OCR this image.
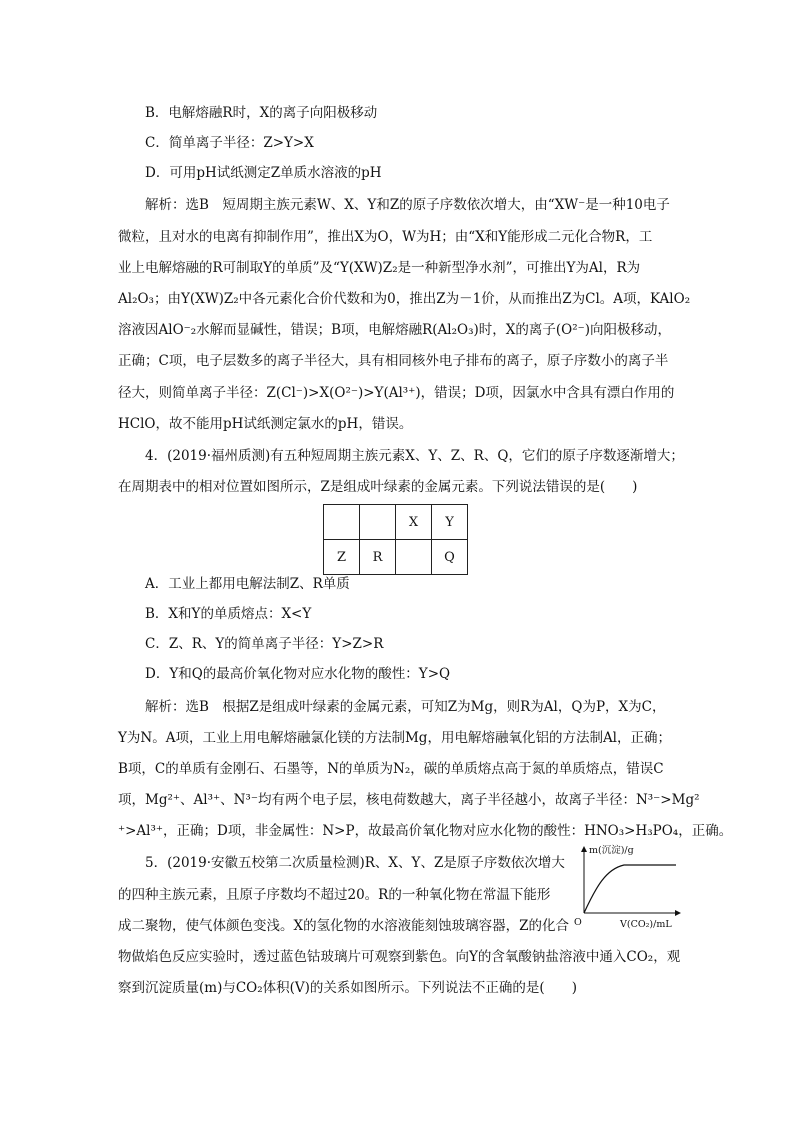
B．电解熔融R时，X的离子向阳极移动
C．简单离子半径：Z>Y>X
D．可用pH试纸测定Z单质水溶液的pH
解析：选B　短周期主族元素W、X、Y和Z的原子序数依次增大，由“XW⁻是一种10电子
微粒，且对水的电离有抑制作用”，推出X为O，W为H；由“X和Y能形成二元化合物R，工
业上电解熔融的R可制取Y的单质”及“Y(XW)Z₂是一种新型净水剂”，可推出Y为Al，R为
Al₂O₃；由Y(XW)Z₂中各元素化合价代数和为0，推出Z为－1价，从而推出Z为Cl。A项，KAlO₂
溶液因AlO⁻₂水解而显碱性，错误；B项，电解熔融R(Al₂O₃)时，X的离子(O²⁻)向阳极移动，
正确；C项，电子层数多的离子半径大，具有相同核外电子排布的离子，原子序数小的离子半
径大，则简单离子半径：Z(Cl⁻)>X(O²⁻)>Y(Al³⁺)，错误；D项，因氯水中含具有漂白作用的
HClO，故不能用pH试纸测定氯水的pH，错误。
4．(2019·福州质测)有五种短周期主族元素X、Y、Z、R、Q，它们的原子序数逐渐增大；
在周期表中的相对位置如图所示，Z是组成叶绿素的金属元素。下列说法错误的是(　　)
		X	Y
Z	R		Q
A．工业上都用电解法制Z、R单质
B．X和Y的单质熔点：X<Y
C．Z、R、Y的简单离子半径：Y>Z>R
D．Y和Q的最高价氧化物对应水化物的酸性：Y>Q
解析：选B　根据Z是组成叶绿素的金属元素，可知Z为Mg，则R为Al，Q为P，X为C，
Y为N。A项，工业上用电解熔融氯化镁的方法制Mg，用电解熔融氧化铝的方法制Al，正确；
B项，C的单质有金刚石、石墨等，N的单质为N₂，碳的单质熔点高于氮的单质熔点，错误C
项，Mg²⁺、Al³⁺、N³⁻均有两个电子层，核电荷数越大，离子半径越小，故离子半径：N³⁻>Mg²
⁺>Al³⁺，正确；D项，非金属性：N>P，故最高价氧化物对应水化物的酸性：HNO₃>H₃PO₄，正确。
5．(2019·安徽五校第二次质量检测)R、X、Y、Z是原子序数依次增大
的四种主族元素，且原子序数均不超过20。R的一种氧化物在常温下能形
成二聚物，使气体颜色变浅。X的氢化物的水溶液能刻蚀玻璃容器，Z的化合
物做焰色反应实验时，透过蓝色钴玻璃片可观察到紫色。向Y的含氧酸钠盐溶液中通入CO₂，观
察到沉淀质量(m)与CO₂体积(V)的关系如图所示。下列说法不正确的是(　　)
m(沉淀)/g
V(CO₂)/mL
O
